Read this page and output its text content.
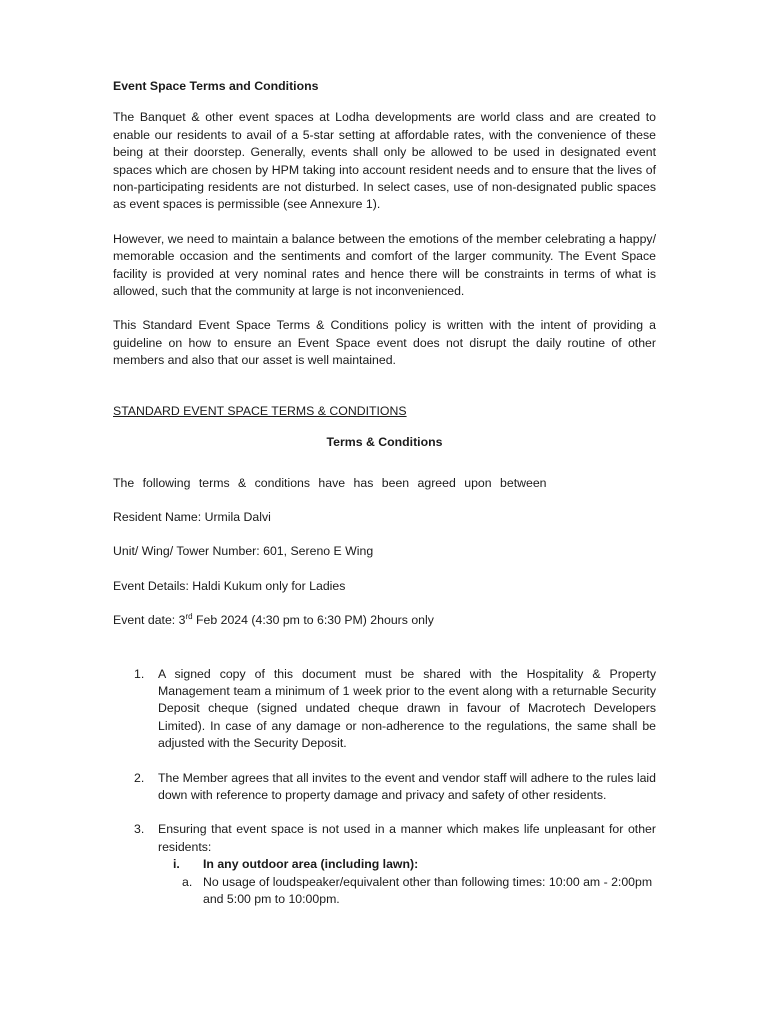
Event Space Terms and Conditions

The Banquet & other event spaces at Lodha developments are world class and are created to enable our residents to avail of a 5-star setting at affordable rates, with the convenience of these being at their doorstep. Generally, events shall only be allowed to be used in designated event spaces which are chosen by HPM taking into account resident needs and to ensure that the lives of non-participating residents are not disturbed. In select cases, use of non-designated public spaces as event spaces is permissible (see Annexure 1).

However, we need to maintain a balance between the emotions of the member celebrating a happy/ memorable occasion and the sentiments and comfort of the larger community. The Event Space facility is provided at very nominal rates and hence there will be constraints in terms of what is allowed, such that the community at large is not inconvenienced.

This Standard Event Space Terms & Conditions policy is written with the intent of providing a guideline on how to ensure an Event Space event does not disrupt the daily routine of other members and also that our asset is well maintained.

STANDARD EVENT SPACE TERMS & CONDITIONS

Terms & Conditions

The following terms & conditions have has been agreed upon between

Resident Name: Urmila Dalvi

Unit/ Wing/ Tower Number: 601, Sereno E Wing

Event Details: Haldi Kukum only for Ladies

Event date: 3rd Feb 2024 (4:30 pm to 6:30 PM) 2hours only

1. A signed copy of this document must be shared with the Hospitality & Property Management team a minimum of 1 week prior to the event along with a returnable Security Deposit cheque (signed undated cheque drawn in favour of Macrotech Developers Limited). In case of any damage or non-adherence to the regulations, the same shall be adjusted with the Security Deposit.
2. The Member agrees that all invites to the event and vendor staff will adhere to the rules laid down with reference to property damage and privacy and safety of other residents.
3. Ensuring that event space is not used in a manner which makes life unpleasant for other residents:
i. In any outdoor area (including lawn):
a. No usage of loudspeaker/equivalent other than following times: 10:00 am - 2:00pm and 5:00 pm to 10:00pm.
